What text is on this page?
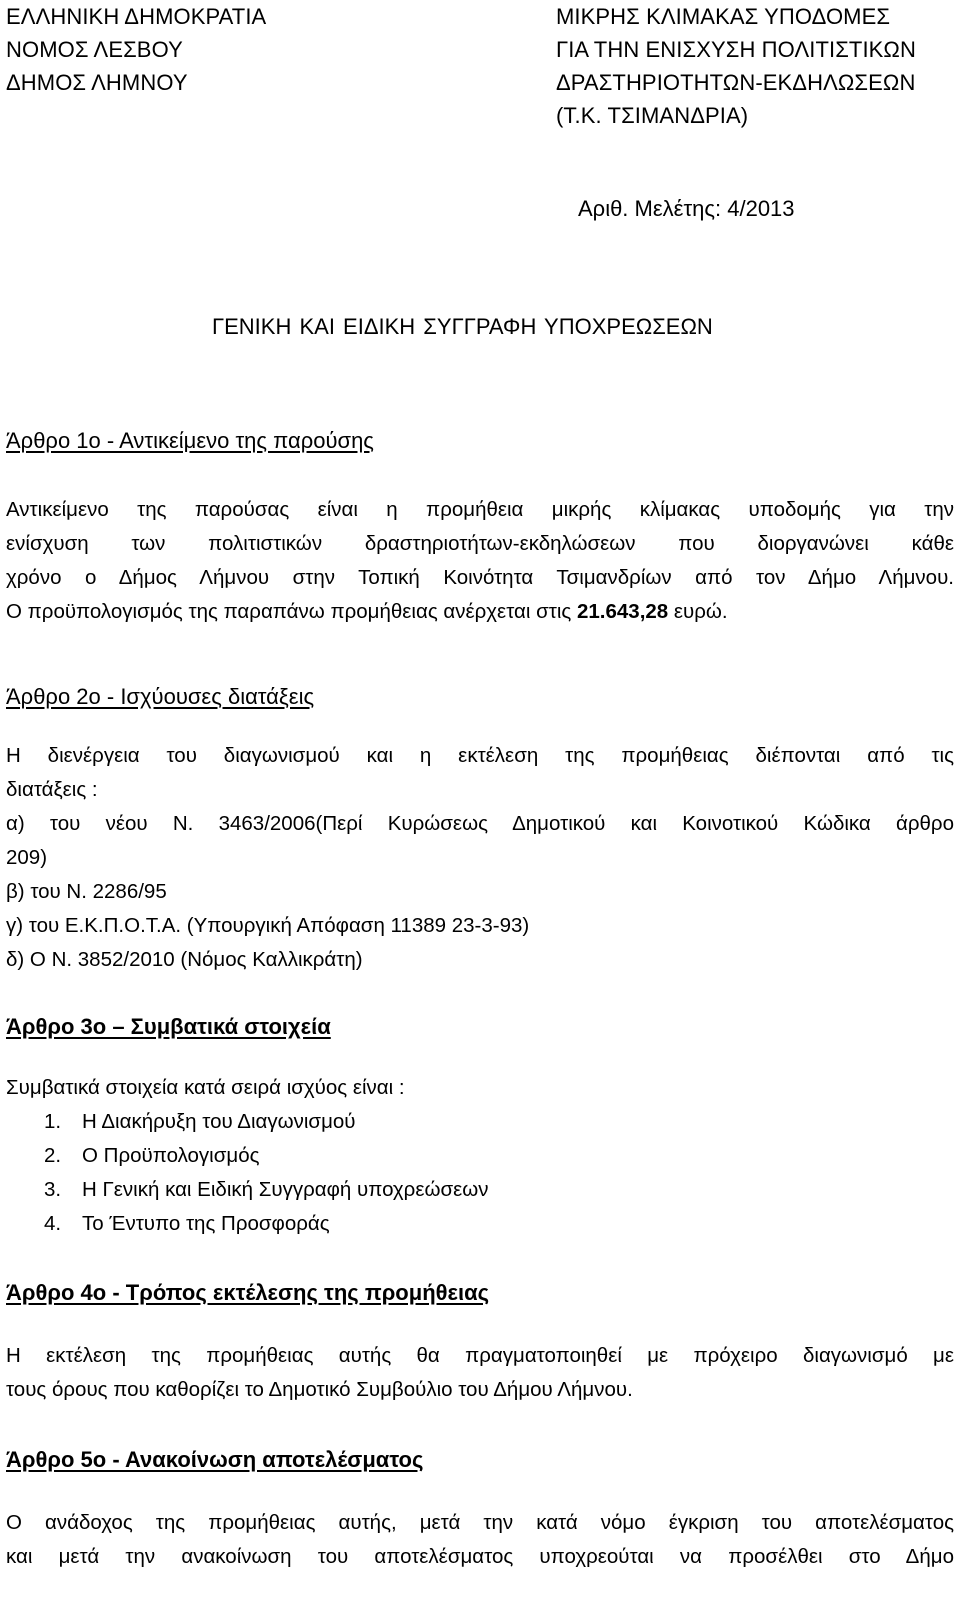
ΕΛΛΗΝΙΚΗ ΔΗΜΟΚΡΑΤΙΑ
ΝΟΜΟΣ ΛΕΣΒΟΥ
ΔΗΜΟΣ ΛΗΜΝΟΥ
ΜΙΚΡΗΣ ΚΛΙΜΑΚΑΣ ΥΠΟΔΟΜΕΣ
ΓΙΑ ΤΗΝ ΕΝΙΣΧΥΣΗ ΠΟΛΙΤΙΣΤΙΚΩΝ
ΔΡΑΣΤΗΡΙΟΤΗΤΩΝ-ΕΚΔΗΛΩΣΕΩΝ
(Τ.Κ. ΤΣΙΜΑΝΔΡΙΑ)
Αριθ. Μελέτης: 4/2013
ΓΕΝΙΚΗ ΚΑΙ ΕΙΔΙΚΗ ΣΥΓΓΡΑΦΗ ΥΠΟΧΡΕΩΣΕΩΝ
Άρθρο 1ο - Αντικείμενο της παρούσης
Αντικείμενο της παρούσας είναι η προμήθεια μικρής κλίμακας υποδομής για την
ενίσχυση των πολιτιστικών δραστηριοτήτων-εκδηλώσεων που διοργανώνει κάθε
χρόνο ο Δήμος Λήμνου στην Τοπική Κοινότητα Τσιμανδρίων από τον Δήμο Λήμνου.
Ο προϋπολογισμός της παραπάνω προμήθειας ανέρχεται στις 21.643,28 ευρώ.
Άρθρο 2ο - Ισχύουσες διατάξεις
Η διενέργεια του διαγωνισμού και η εκτέλεση της προμήθειας διέπονται από τις
διατάξεις :
α) του νέου Ν. 3463/2006(Περί Κυρώσεως Δημοτικού και Κοινοτικού Κώδικα άρθρο
209)
β) του Ν. 2286/95
γ) του Ε.Κ.Π.Ο.Τ.Α. (Υπουργική Απόφαση 11389 23-3-93)
δ) Ο Ν. 3852/2010 (Νόμος Καλλικράτη)
Άρθρο 3ο – Συμβατικά στοιχεία
Συμβατικά στοιχεία κατά σειρά ισχύος είναι :
1. Η Διακήρυξη του Διαγωνισμού
2. Ο Προϋπολογισμός
3. Η Γενική και Ειδική Συγγραφή υποχρεώσεων
4. Το Έντυπο της Προσφοράς
Άρθρο 4ο - Τρόπος εκτέλεσης της προμήθειας
Η εκτέλεση της προμήθειας αυτής θα πραγματοποιηθεί με πρόχειρο διαγωνισμό με
τους όρους που καθορίζει το Δημοτικό Συμβούλιο του Δήμου Λήμνου.
Άρθρο 5ο - Ανακοίνωση αποτελέσματος
Ο ανάδοχος της προμήθειας αυτής, μετά την κατά νόμο έγκριση του αποτελέσματος
και μετά την ανακοίνωση του αποτελέσματος υποχρεούται να προσέλθει στο Δήμο
